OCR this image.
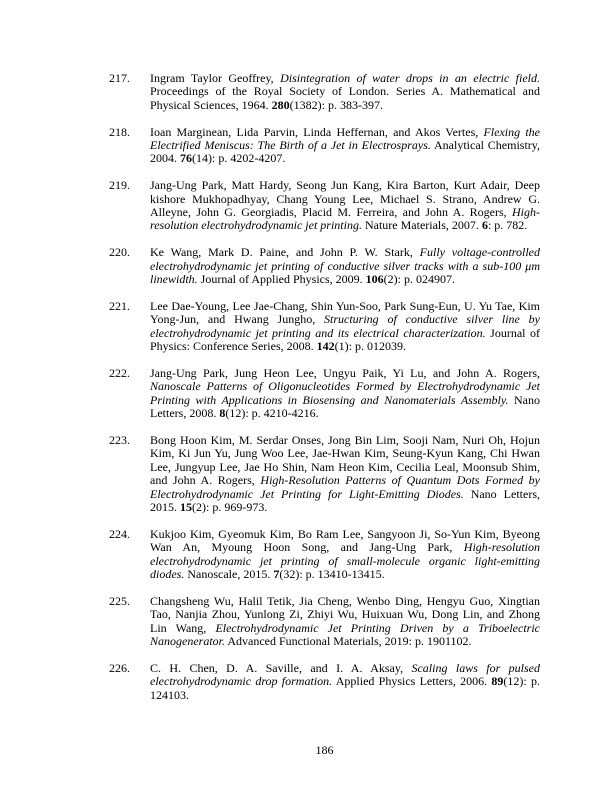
217.	Ingram Taylor Geoffrey, Disintegration of water drops in an electric field. Proceedings of the Royal Society of London. Series A. Mathematical and Physical Sciences, 1964. 280(1382): p. 383-397.

218.	Ioan Marginean, Lida Parvin, Linda Heffernan, and Akos Vertes, Flexing the Electrified Meniscus: The Birth of a Jet in Electrosprays. Analytical Chemistry, 2004. 76(14): p. 4202-4207.

219.	Jang-Ung Park, Matt Hardy, Seong Jun Kang, Kira Barton, Kurt Adair, Deep kishore Mukhopadhyay, Chang Young Lee, Michael S. Strano, Andrew G. Alleyne, John G. Georgiadis, Placid M. Ferreira, and John A. Rogers, High-resolution electrohydrodynamic jet printing. Nature Materials, 2007. 6: p. 782.

220.	Ke Wang, Mark D. Paine, and John P. W. Stark, Fully voltage-controlled electrohydrodynamic jet printing of conductive silver tracks with a sub-100 μm linewidth. Journal of Applied Physics, 2009. 106(2): p. 024907.

221.	Lee Dae-Young, Lee Jae-Chang, Shin Yun-Soo, Park Sung-Eun, U. Yu Tae, Kim Yong-Jun, and Hwang Jungho, Structuring of conductive silver line by electrohydrodynamic jet printing and its electrical characterization. Journal of Physics: Conference Series, 2008. 142(1): p. 012039.

222.	Jang-Ung Park, Jung Heon Lee, Ungyu Paik, Yi Lu, and John A. Rogers, Nanoscale Patterns of Oligonucleotides Formed by Electrohydrodynamic Jet Printing with Applications in Biosensing and Nanomaterials Assembly. Nano Letters, 2008. 8(12): p. 4210-4216.

223.	Bong Hoon Kim, M. Serdar Onses, Jong Bin Lim, Sooji Nam, Nuri Oh, Hojun Kim, Ki Jun Yu, Jung Woo Lee, Jae-Hwan Kim, Seung-Kyun Kang, Chi Hwan Lee, Jungyup Lee, Jae Ho Shin, Nam Heon Kim, Cecilia Leal, Moonsub Shim, and John A. Rogers, High-Resolution Patterns of Quantum Dots Formed by Electrohydrodynamic Jet Printing for Light-Emitting Diodes. Nano Letters, 2015. 15(2): p. 969-973.

224.	Kukjoo Kim, Gyeomuk Kim, Bo Ram Lee, Sangyoon Ji, So-Yun Kim, Byeong Wan An, Myoung Hoon Song, and Jang-Ung Park, High-resolution electrohydrodynamic jet printing of small-molecule organic light-emitting diodes. Nanoscale, 2015. 7(32): p. 13410-13415.

225.	Changsheng Wu, Halil Tetik, Jia Cheng, Wenbo Ding, Hengyu Guo, Xingtian Tao, Nanjia Zhou, Yunlong Zi, Zhiyi Wu, Huixuan Wu, Dong Lin, and Zhong Lin Wang, Electrohydrodynamic Jet Printing Driven by a Triboelectric Nanogenerator. Advanced Functional Materials, 2019: p. 1901102.

226.	C. H. Chen, D. A. Saville, and I. A. Aksay, Scaling laws for pulsed electrohydrodynamic drop formation. Applied Physics Letters, 2006. 89(12): p. 124103.

186
